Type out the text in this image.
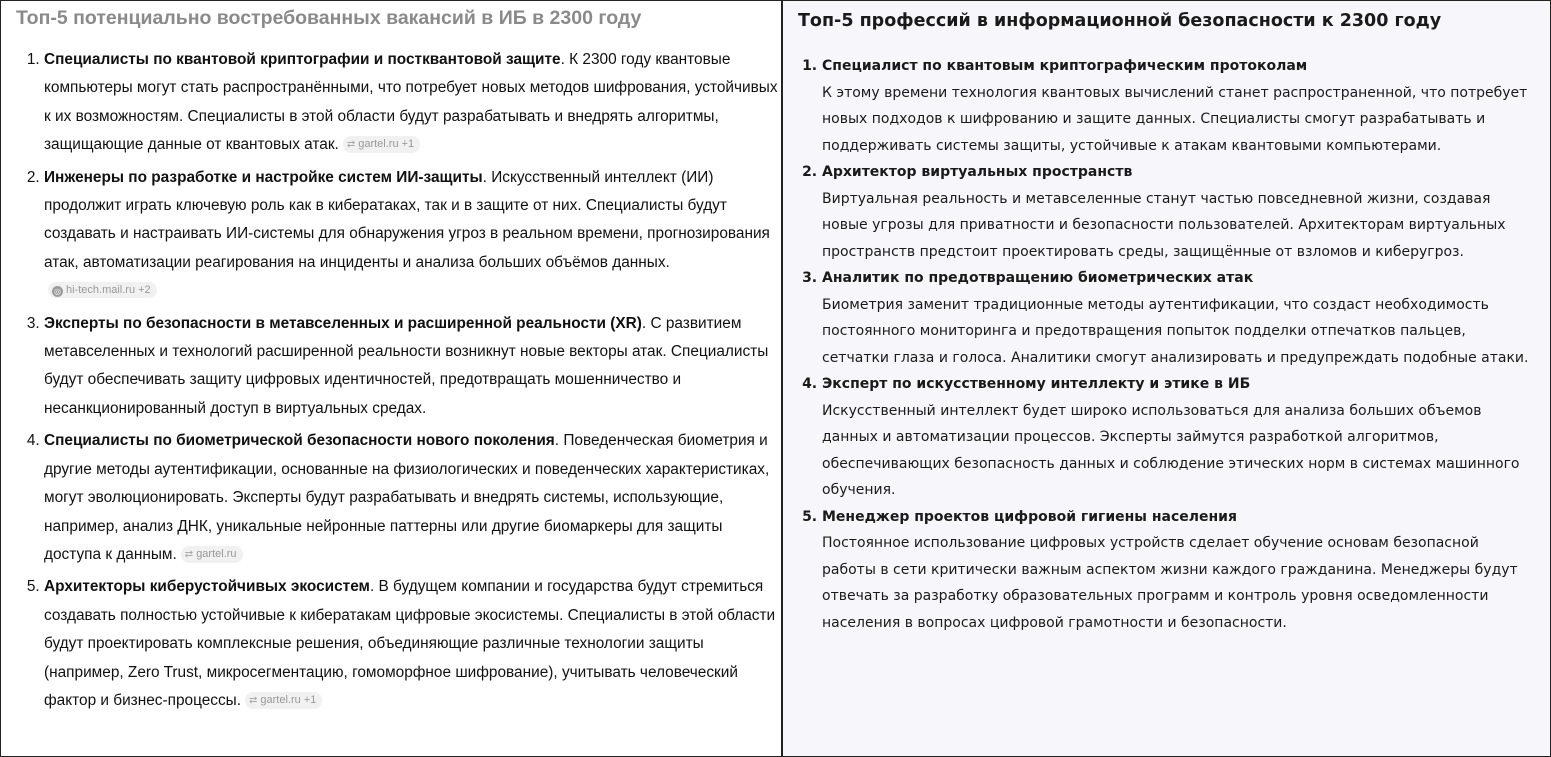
Топ-5 потенциально востребованных вакансий в ИБ в 2300 году
1. Специалисты по квантовой криптографии и постквантовой защите. К 2300 году квантовые компьютеры могут стать распространёнными, что потребует новых методов шифрования, устойчивых к их возможностям. Специалисты в этой области будут разрабатывать и внедрять алгоритмы, защищающие данные от квантовых атак. ⇄ gartel.ru +1
2. Инженеры по разработке и настройке систем ИИ-защиты. Искусственный интеллект (ИИ) продолжит играть ключевую роль как в кибератаках, так и в защите от них. Специалисты будут создавать и настраивать ИИ-системы для обнаружения угроз в реальном времени, прогнозирования атак, автоматизации реагирования на инциденты и анализа больших объёмов данных.◎ hi-tech.mail.ru +2
3. Эксперты по безопасности в метавселенных и расширенной реальности (XR). С развитием метавселенных и технологий расширенной реальности возникнут новые векторы атак. Специалисты будут обеспечивать защиту цифровых идентичностей, предотвращать мошенничество и несанкционированный доступ в виртуальных средах.
4. Специалисты по биометрической безопасности нового поколения. Поведенческая биометрия и другие методы аутентификации, основанные на физиологических и поведенческих характеристиках, могут эволюционировать. Эксперты будут разрабатывать и внедрять системы, использующие, например, анализ ДНК, уникальные нейронные паттерны или другие биомаркеры для защиты доступа к данным. ⇄ gartel.ru
5. Архитекторы киберустойчивых экосистем. В будущем компании и государства будут стремиться создавать полностью устойчивые к кибератакам цифровые экосистемы. Специалисты в этой области будут проектировать комплексные решения, объединяющие различные технологии защиты (например, Zero Trust, микросегментацию, гомоморфное шифрование), учитывать человеческий фактор и бизнес-процессы. ⇄ gartel.ru +1
Топ-5 профессий в информационной безопасности к 2300 году
1. Специалист по квантовым криптографическим протоколам
К этому времени технология квантовых вычислений станет распространенной, что потребует новых подходов к шифрованию и защите данных. Специалисты смогут разрабатывать и поддерживать системы защиты, устойчивые к атакам квантовыми компьютерами.
2. Архитектор виртуальных пространств
Виртуальная реальность и метавселенные станут частью повседневной жизни, создавая новые угрозы для приватности и безопасности пользователей. Архитекторам виртуальных пространств предстоит проектировать среды, защищённые от взломов и киберугроз.
3. Аналитик по предотвращению биометрических атак
Биометрия заменит традиционные методы аутентификации, что создаст необходимость постоянного мониторинга и предотвращения попыток подделки отпечатков пальцев, сетчатки глаза и голоса. Аналитики смогут анализировать и предупреждать подобные атаки.
4. Эксперт по искусственному интеллекту и этике в ИБ
Искусственный интеллект будет широко использоваться для анализа больших объемов данных и автоматизации процессов. Эксперты займутся разработкой алгоритмов, обеспечивающих безопасность данных и соблюдение этических норм в системах машинного обучения.
5. Менеджер проектов цифровой гигиены населения
Постоянное использование цифровых устройств сделает обучение основам безопасной работы в сети критически важным аспектом жизни каждого гражданина. Менеджеры будут отвечать за разработку образовательных программ и контроль уровня осведомленности населения в вопросах цифровой грамотности и безопасности.
